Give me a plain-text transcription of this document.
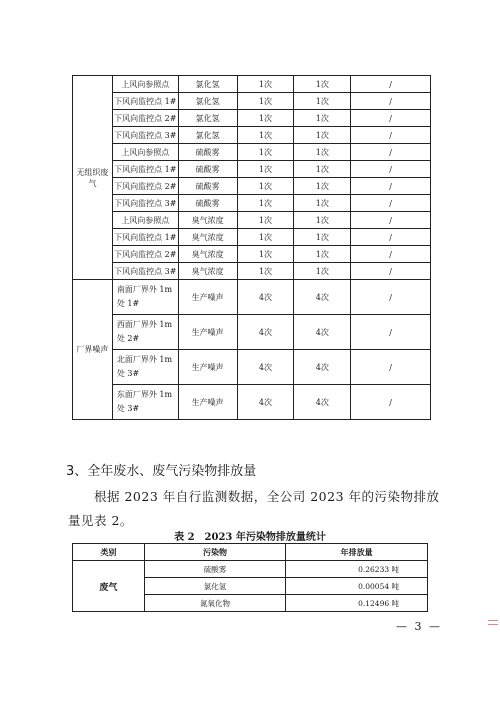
无组织废气	上风向参照点	氯化氢	1次	1次	/
	下风向监控点 1#	氯化氢	1次	1次	/
	下风向监控点 2#	氯化氢	1次	1次	/
	下风向监控点 3#	氯化氢	1次	1次	/
	上风向参照点	硫酸雾	1次	1次	/
	下风向监控点 1#	硫酸雾	1次	1次	/
	下风向监控点 2#	硫酸雾	1次	1次	/
	下风向监控点 3#	硫酸雾	1次	1次	/
	上风向参照点	臭气浓度	1次	1次	/
	下风向监控点 1#	臭气浓度	1次	1次	/
	下风向监控点 2#	臭气浓度	1次	1次	/
	下风向监控点 3#	臭气浓度	1次	1次	/
厂界噪声	南面厂界外 1m 处 1#	生产噪声	4次	4次	/
	西面厂界外 1m 处 2#	生产噪声	4次	4次	/
	北面厂界外 1m 处 3#	生产噪声	4次	4次	/
	东面厂界外 1m 处 3#	生产噪声	4次	4次	/
3、全年废水、废气污染物排放量

根据 2023 年自行监测数据，全公司 2023 年的污染物排放量见表 2。

表 2　2023 年污染物排放量统计

类别	污染物	年排放量
废气	硫酸雾	0.26233 吨
	氯化氢	0.00054 吨
	氮氧化物	0.12496 吨

— 3 —
